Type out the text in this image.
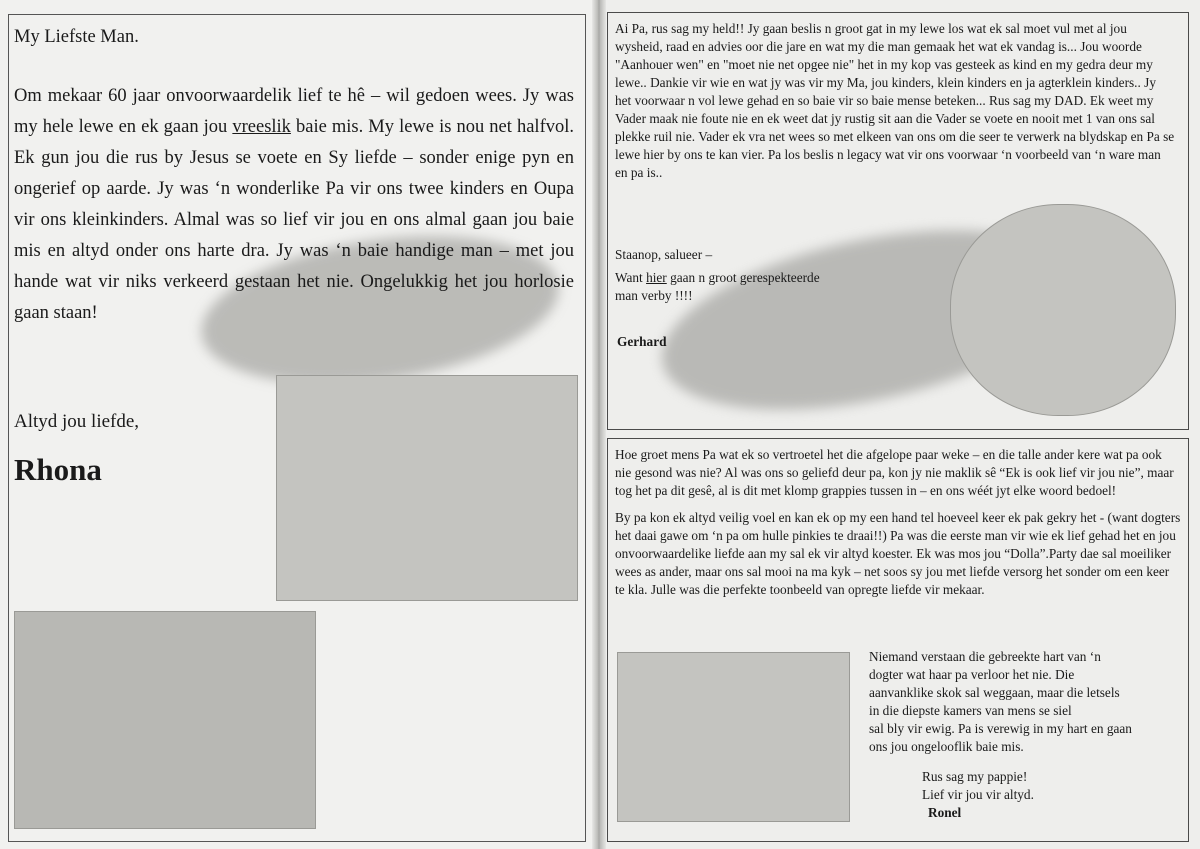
My Liefste Man.

Om mekaar 60 jaar onvoorwaardelik lief te hê – wil gedoen wees. Jy was my hele lewe en ek gaan jou vreeslik baie mis. My lewe is nou net halfvol. Ek gun jou die rus by Jesus se voete en Sy liefde – sonder enige pyn en ongerief op aarde. Jy was ‘n wonderlike Pa vir ons twee kinders en Oupa vir ons kleinkinders. Almal was so lief vir jou en ons almal gaan jou baie mis en altyd onder ons harte dra. Jy was ‘n baie handige man – met jou hande wat vir niks verkeerd gestaan het nie. Ongelukkig het jou horlosie gaan staan!

Altyd jou liefde,
Rhona

Ai Pa, rus sag my held!! Jy gaan beslis n groot gat in my lewe los wat ek sal moet vul met al jou wysheid, raad en advies oor die jare en wat my die man gemaak het wat ek vandag is... Jou woorde "Aanhouer wen" en "moet nie net opgee nie" het in my kop vas gesteek as kind en my gedra deur my lewe.. Dankie vir wie en wat jy was vir my Ma, jou kinders, klein kinders en ja agterklein kinders.. Jy het voorwaar n vol lewe gehad en so baie vir so baie mense beteken... Rus sag my DAD. Ek weet my Vader maak nie foute nie en ek weet dat jy rustig sit aan die Vader se voete en nooit met 1 van ons sal plekke ruil nie. Vader ek vra net wees so met elkeen van ons om die seer te verwerk na blydskap en Pa se lewe hier by ons te kan vier. Pa los beslis n legacy wat vir ons voorwaar ‘n voorbeeld van ‘n ware man en pa is..

Staanop, salueer –
Want hier gaan n groot gerespekteerde
man verby !!!!
Gerhard

Hoe groet mens Pa wat ek so vertroetel het die afgelope paar weke – en die talle ander kere wat pa ook nie gesond was nie? Al was ons so geliefd deur pa, kon jy nie maklik sê “Ek is ook lief vir jou nie”, maar tog het pa dit gesê, al is dit met klomp grappies tussen in – en ons wéét jyt elke woord bedoel!

By pa kon ek altyd veilig voel en kan ek op my een hand tel hoeveel keer ek pak gekry het - (want dogters het daai gawe om ‘n pa om hulle pinkies te draai!!) Pa was die eerste man vir wie ek lief gehad het en jou onvoorwaardelike liefde aan my sal ek vir altyd koester. Ek was mos jou “Dolla”.Party dae sal moeiliker wees as ander, maar ons sal mooi na ma kyk – net soos sy jou met liefde versorg het sonder om een keer te kla. Julle was die perfekte toonbeeld van opregte liefde vir mekaar.

Niemand verstaan die gebreekte hart van ‘n
dogter wat haar pa verloor het nie. Die
aanvanklike skok sal weggaan, maar die letsels
in die diepste kamers van mens se siel
sal bly vir ewig. Pa is verewig in my hart en gaan
ons jou ongelooflik baie mis.
Rus sag my pappie!
Lief vir jou vir altyd.
Ronel
